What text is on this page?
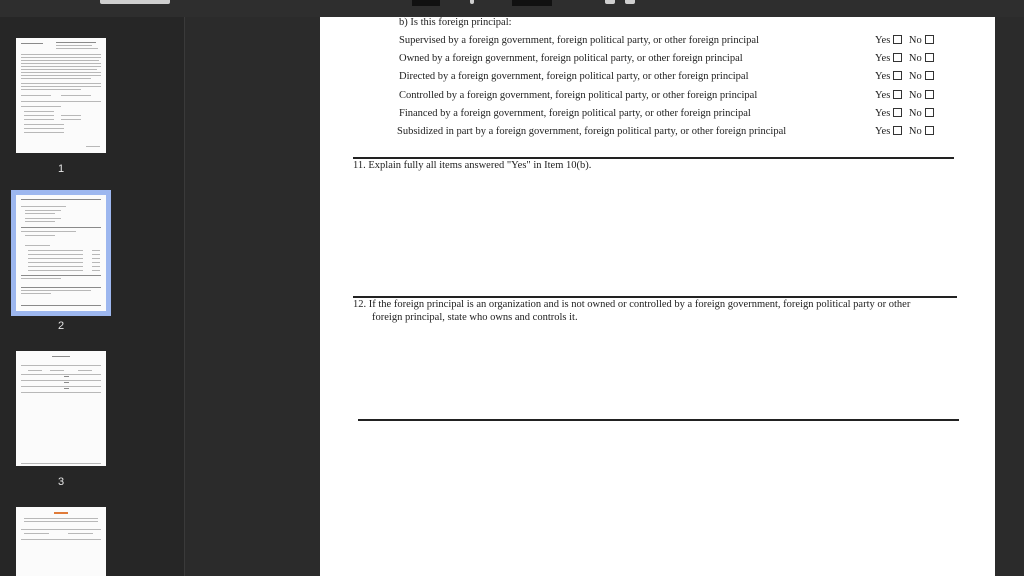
1
2
3
b) Is this foreign principal:
Supervised by a foreign government, foreign political party, or other foreign principal	Yes No
Owned by a foreign government, foreign political party, or other foreign principal	Yes No
Directed by a foreign government, foreign political party, or other foreign principal	Yes No
Controlled by a foreign government, foreign political party, or other foreign principal	Yes No
Financed by a foreign government, foreign political party, or other foreign principal	Yes No
Subsidized in part by a foreign government, foreign political party, or other foreign principal	Yes No
11. Explain fully all items answered "Yes" in Item 10(b).
12. If the foreign principal is an organization and is not owned or controlled by a foreign government, foreign political party or other
foreign principal, state who owns and controls it.
